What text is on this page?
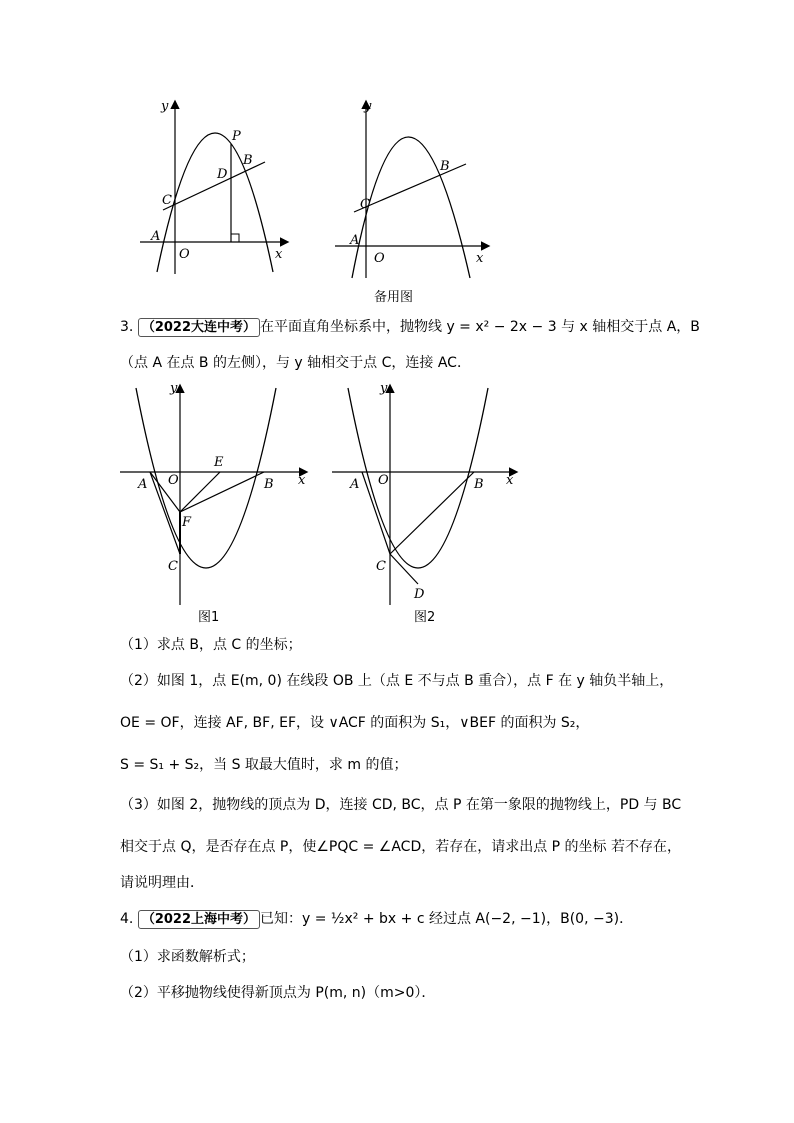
y
x
O
A
C
D
B
P
y
x
O
A
C
B
备用图
3. （2022大连中考） 在平面直角坐标系中，抛物线 y = x² − 2x − 3 与 x 轴相交于点 A，B
（点 A 在点 B 的左侧），与 y 轴相交于点 C，连接 AC．
y
x
O
A	B
E
F
C
图1
y
x
O
A	B
C
D
图2
（1）求点 B，点 C 的坐标；
（2）如图 1，点 E(m, 0) 在线段 OB 上（点 E 不与点 B 重合），点 F 在 y 轴负半轴上，
OE = OF，连接 AF, BF, EF，设 ∨ACF 的面积为 S₁，∨BEF 的面积为 S₂，
S = S₁ + S₂，当 S 取最大值时，求 m 的值；
（3）如图 2，抛物线的顶点为 D，连接 CD, BC，点 P 在第一象限的抛物线上，PD 与 BC
相交于点 Q，是否存在点 P，使∠PQC = ∠ACD，若存在，请求出点 P 的坐标 若不存在，
请说明理由．
4. （2022上海中考） 已知：y = ½x² + bx + c 经过点 A(−2, −1)，B(0, −3)．
（1）求函数解析式；
（2）平移抛物线使得新顶点为 P(m, n)（m>0）．
